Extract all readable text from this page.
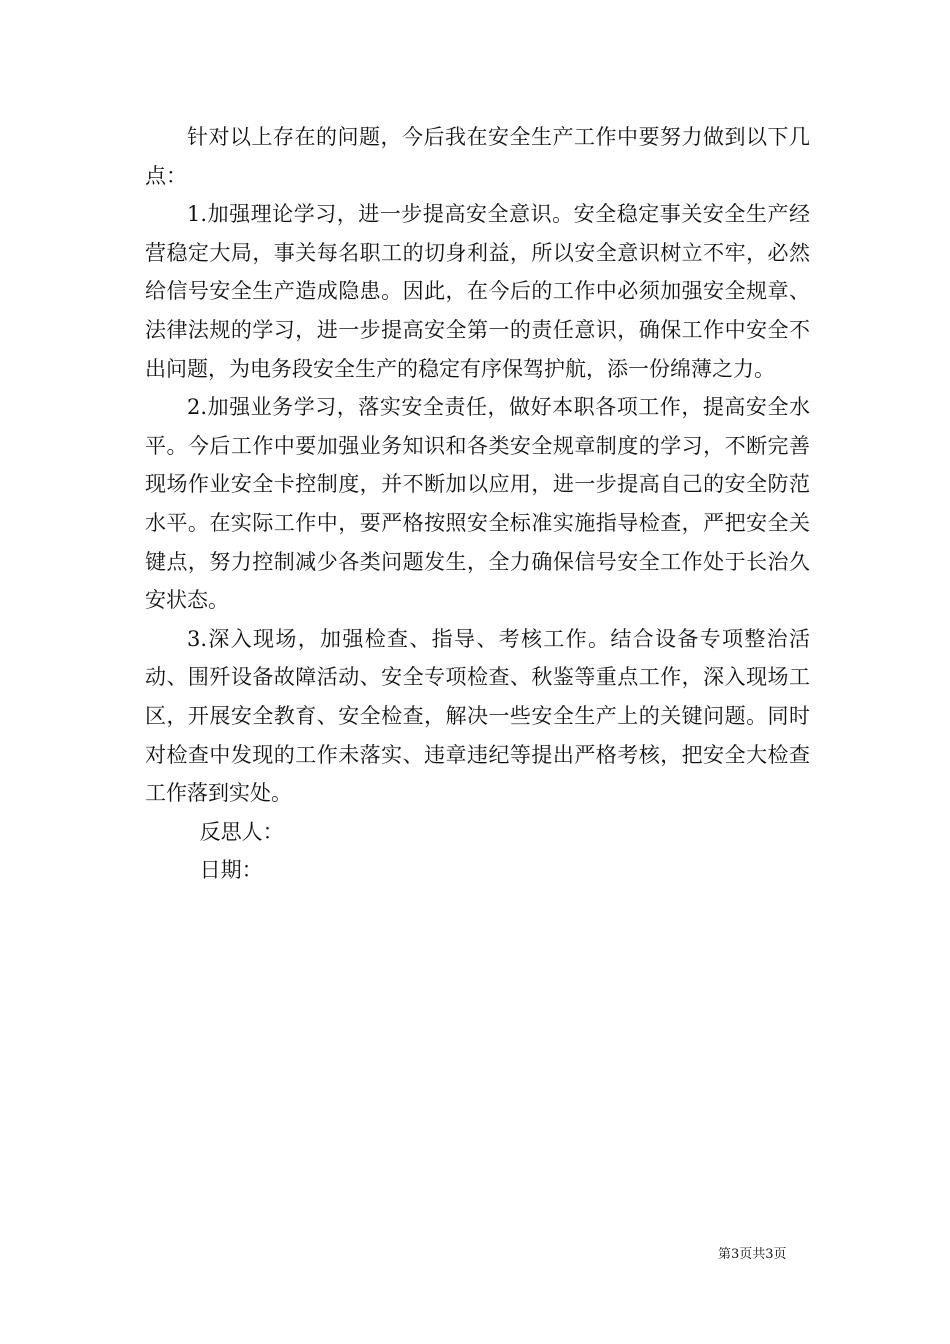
针对以上存在的问题，今后我在安全生产工作中要努力做到以下几点：

1.加强理论学习，进一步提高安全意识。安全稳定事关安全生产经营稳定大局，事关每名职工的切身利益，所以安全意识树立不牢，必然给信号安全生产造成隐患。因此，在今后的工作中必须加强安全规章、法律法规的学习，进一步提高安全第一的责任意识，确保工作中安全不出问题，为电务段安全生产的稳定有序保驾护航，添一份绵薄之力。

2.加强业务学习，落实安全责任，做好本职各项工作，提高安全水平。今后工作中要加强业务知识和各类安全规章制度的学习，不断完善现场作业安全卡控制度，并不断加以应用，进一步提高自己的安全防范水平。在实际工作中，要严格按照安全标准实施指导检查，严把安全关键点，努力控制减少各类问题发生，全力确保信号安全工作处于长治久安状态。

3.深入现场，加强检查、指导、考核工作。结合设备专项整治活动、围歼设备故障活动、安全专项检查、秋鉴等重点工作，深入现场工区，开展安全教育、安全检查，解决一些安全生产上的关键问题。同时对检查中发现的工作未落实、违章违纪等提出严格考核，把安全大检查工作落到实处。

反思人：

日期：

第3页共3页
